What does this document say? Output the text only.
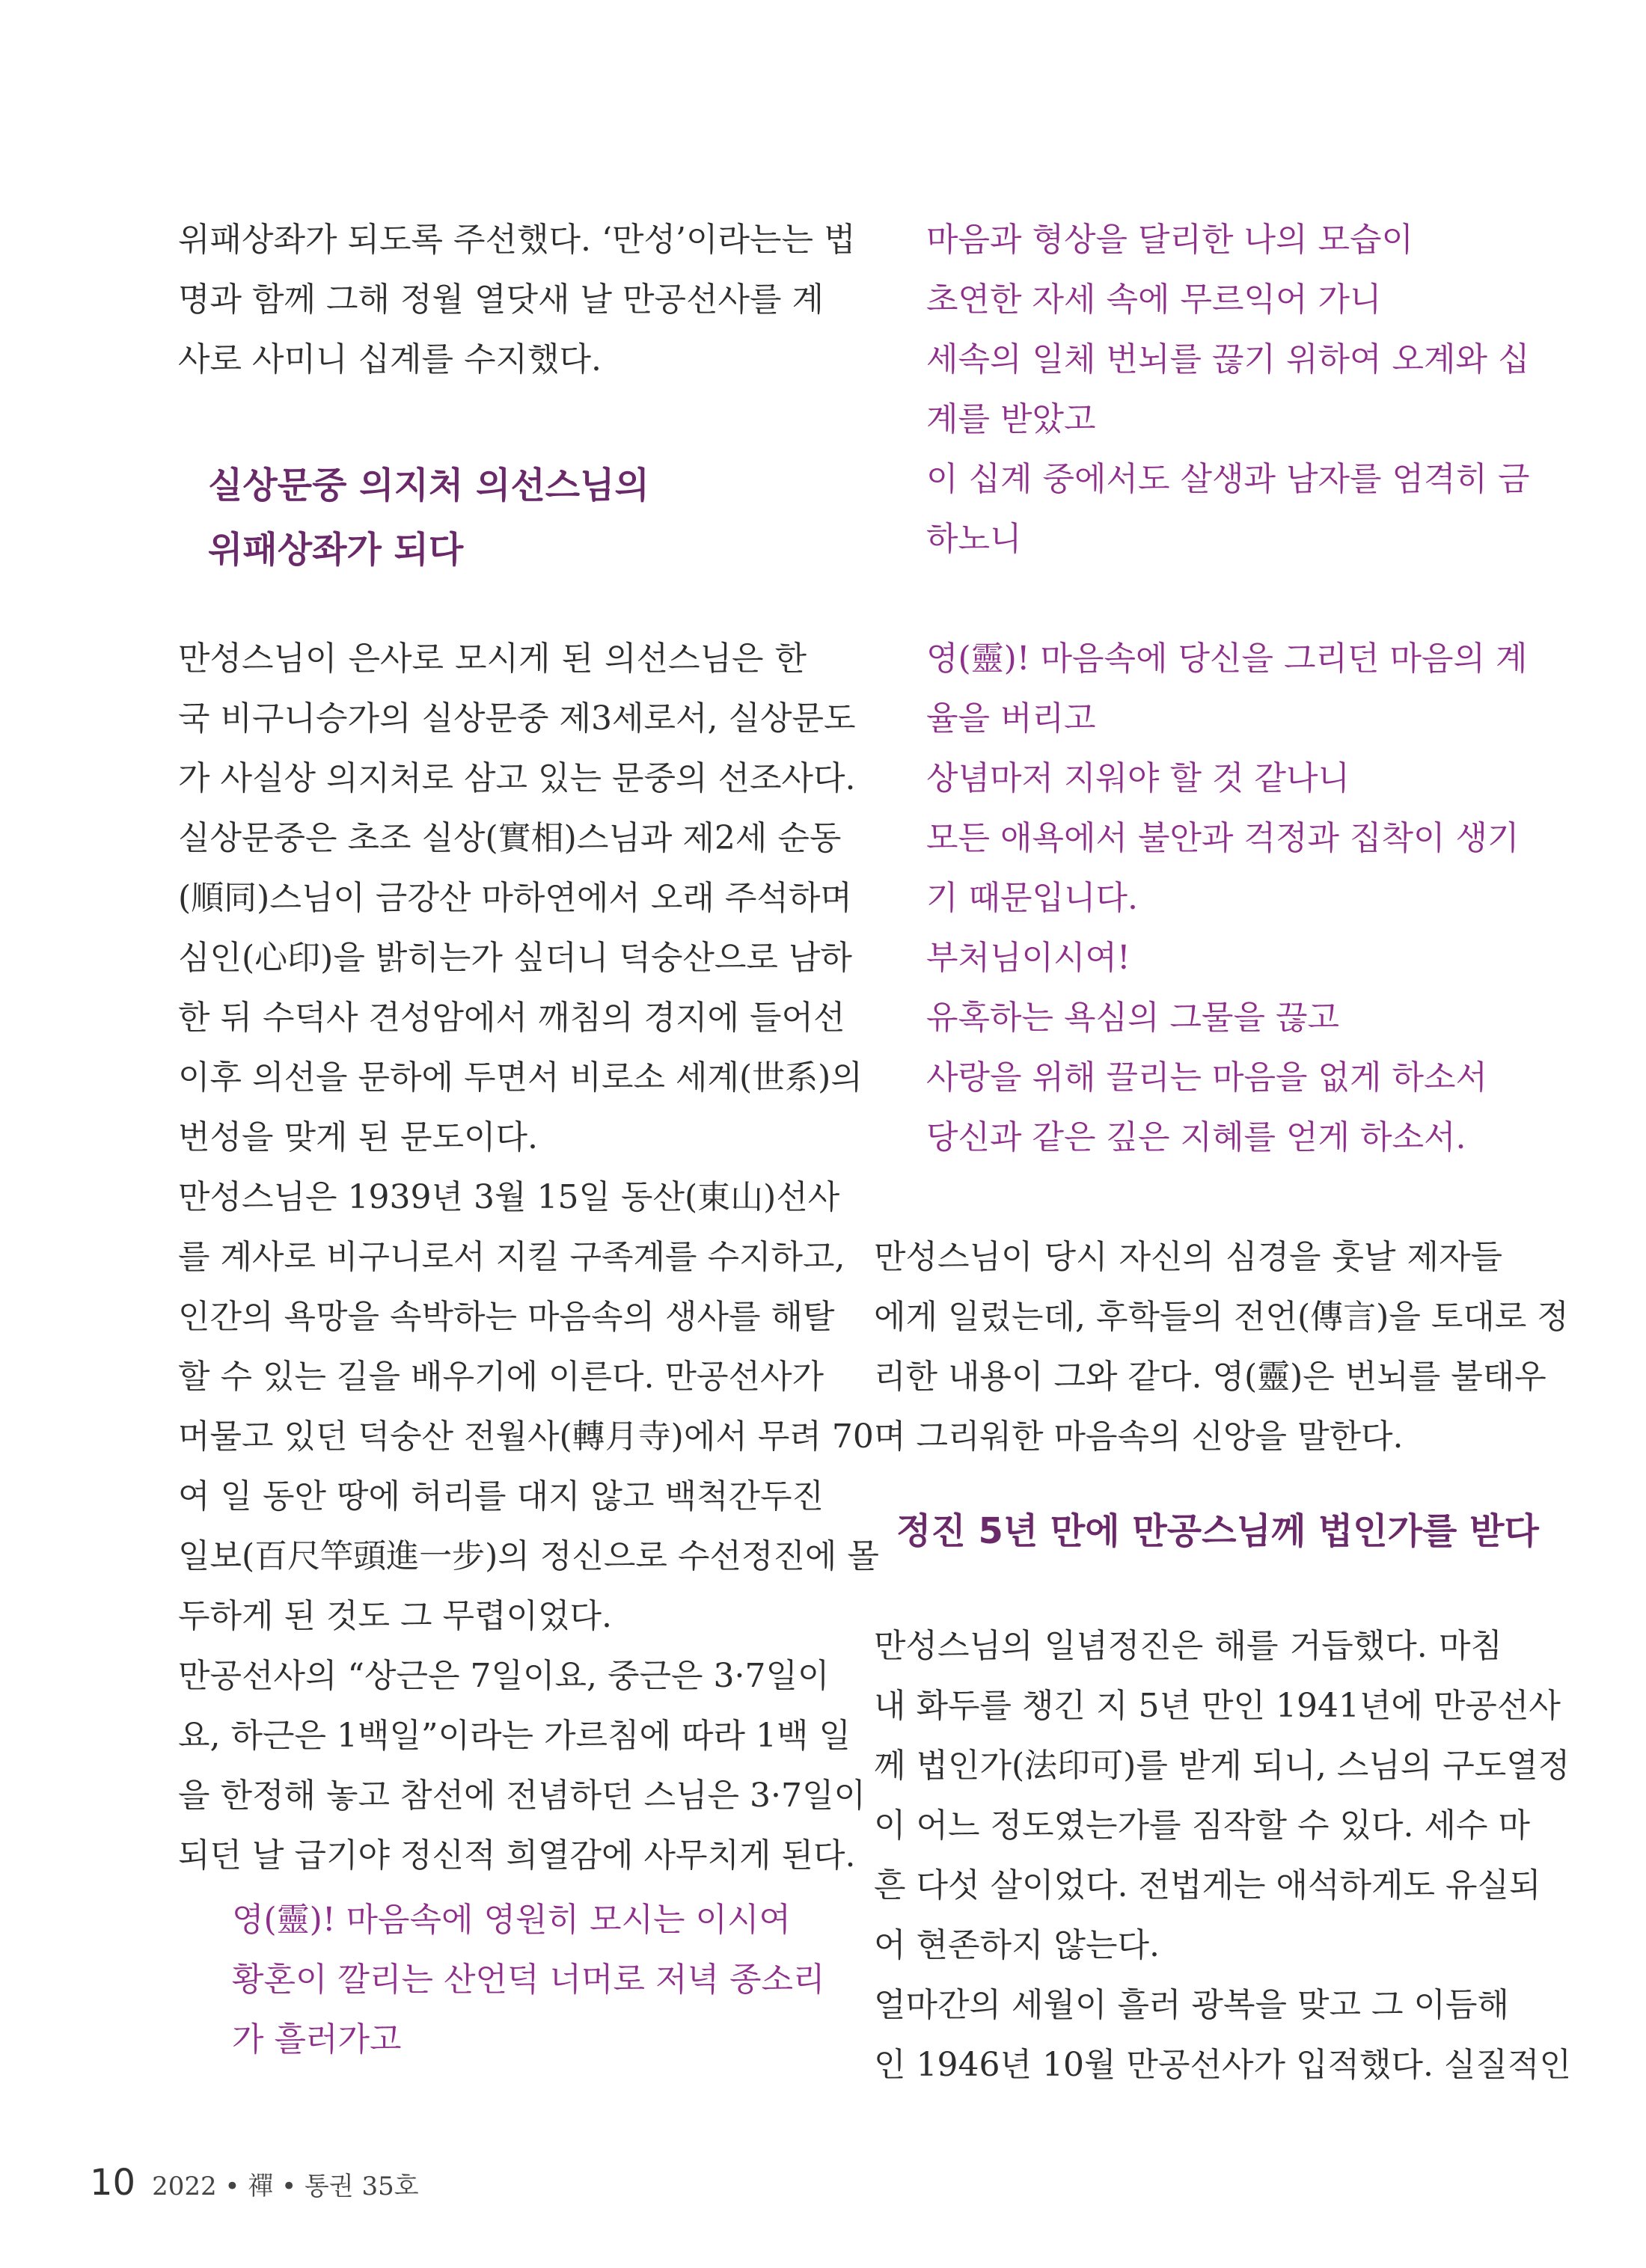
위패상좌가 되도록 주선했다. ‘만성’이라는는 법
명과 함께 그해 정월 열닷새 날 만공선사를 계
사로 사미니 십계를 수지했다.
실상문중 의지처 의선스님의
위패상좌가 되다
만성스님이 은사로 모시게 된 의선스님은 한
국 비구니승가의 실상문중 제3세로서, 실상문도
가 사실상 의지처로 삼고 있는 문중의 선조사다.
실상문중은 초조 실상(實相)스님과 제2세 순동
(順同)스님이 금강산 마하연에서 오래 주석하며
심인(心印)을 밝히는가 싶더니 덕숭산으로 남하
한 뒤 수덕사 견성암에서 깨침의 경지에 들어선
이후 의선을 문하에 두면서 비로소 세계(世系)의
번성을 맞게 된 문도이다.
만성스님은 1939년 3월 15일 동산(東山)선사
를 계사로 비구니로서 지킬 구족계를 수지하고,
인간의 욕망을 속박하는 마음속의 생사를 해탈
할 수 있는 길을 배우기에 이른다. 만공선사가
머물고 있던 덕숭산 전월사(轉月寺)에서 무려 70
여 일 동안 땅에 허리를 대지 않고 백척간두진
일보(百尺竿頭進一步)의 정신으로 수선정진에 몰
두하게 된 것도 그 무렵이었다.
만공선사의 “상근은 7일이요, 중근은 3·7일이
요, 하근은 1백일”이라는 가르침에 따라 1백 일
을 한정해 놓고 참선에 전념하던 스님은 3·7일이
되던 날 급기야 정신적 희열감에 사무치게 된다.
영(靈)! 마음속에 영원히 모시는 이시여
황혼이 깔리는 산언덕 너머로 저녁 종소리
가 흘러가고
마음과 형상을 달리한 나의 모습이
초연한 자세 속에 무르익어 가니
세속의 일체 번뇌를 끊기 위하여 오계와 십
계를 받았고
이 십계 중에서도 살생과 남자를 엄격히 금
하노니
영(靈)! 마음속에 당신을 그리던 마음의 계
율을 버리고
상념마저 지워야 할 것 같나니
모든 애욕에서 불안과 걱정과 집착이 생기
기 때문입니다.
부처님이시여!
유혹하는 욕심의 그물을 끊고
사랑을 위해 끌리는 마음을 없게 하소서
당신과 같은 깊은 지혜를 얻게 하소서.
만성스님이 당시 자신의 심경을 훗날 제자들
에게 일렀는데, 후학들의 전언(傳言)을 토대로 정
리한 내용이 그와 같다. 영(靈)은 번뇌를 불태우
며 그리워한 마음속의 신앙을 말한다.
정진 5년 만에 만공스님께 법인가를 받다
만성스님의 일념정진은 해를 거듭했다. 마침
내 화두를 챙긴 지 5년 만인 1941년에 만공선사
께 법인가(法印可)를 받게 되니, 스님의 구도열정
이 어느 정도였는가를 짐작할 수 있다. 세수 마
흔 다섯 살이었다. 전법게는 애석하게도 유실되
어 현존하지 않는다.
얼마간의 세월이 흘러 광복을 맞고 그 이듬해
인 1946년 10월 만공선사가 입적했다. 실질적인
10 2022 • 禪 • 통권 35호
